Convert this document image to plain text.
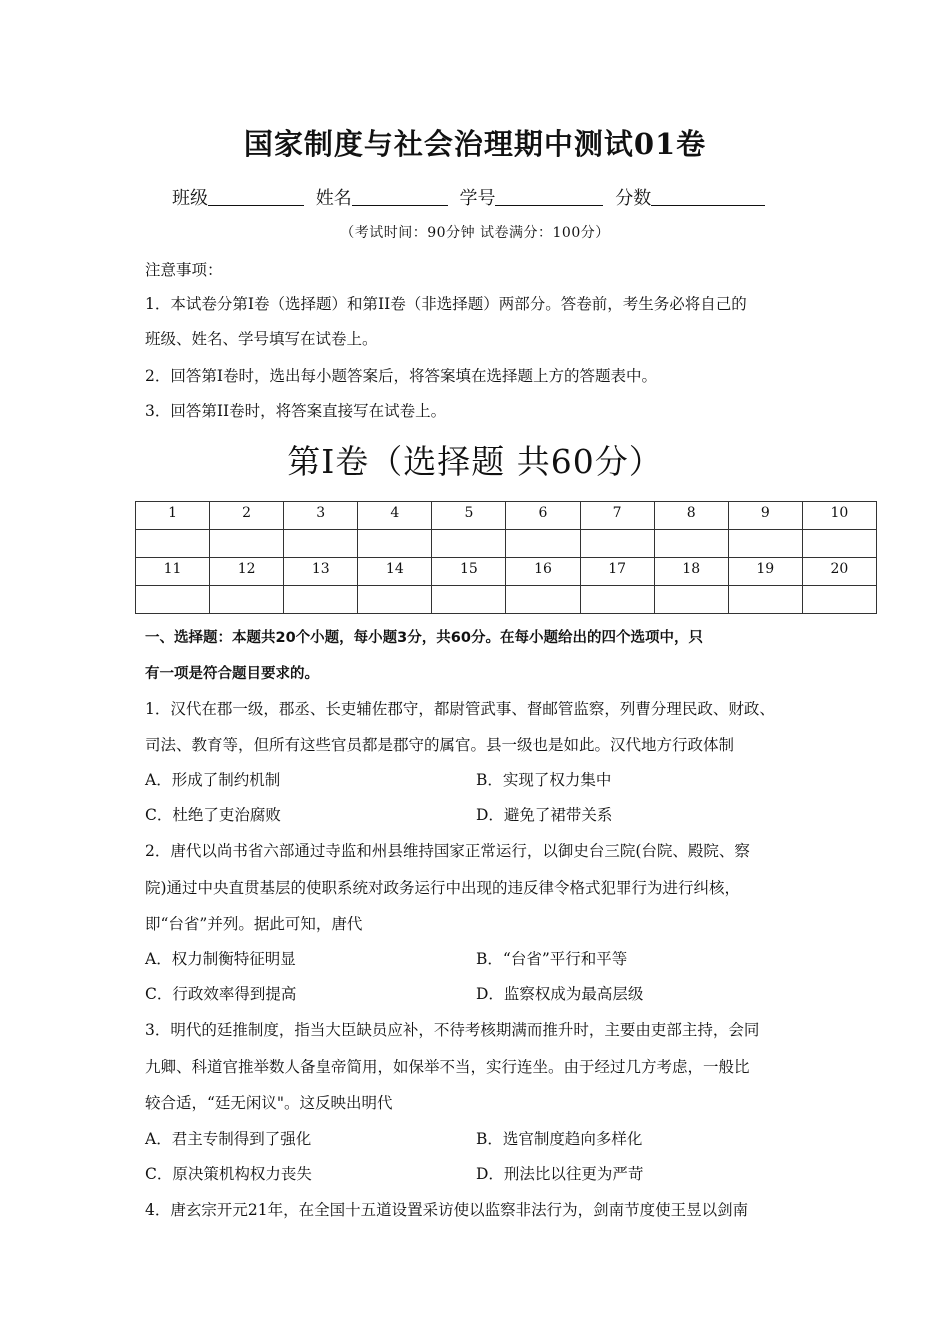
国家制度与社会治理期中测试01卷
班级	姓名	学号	分数
（考试时间：90分钟 试卷满分：100分）
注意事项：
1．本试卷分第I卷（选择题）和第II卷（非选择题）两部分。答卷前，考生务必将自己的
班级、姓名、学号填写在试卷上。
2．回答第I卷时，选出每小题答案后，将答案填在选择题上方的答题表中。
3．回答第II卷时，将答案直接写在试卷上。
第I卷（选择题 共60分）
1	2	3	4	5	6	7	8	9	10

11	12	13	14	15	16	17	18	19	20

一、选择题：本题共20个小题，每小题3分，共60分。在每小题给出的四个选项中，只
有一项是符合题目要求的。
1．汉代在郡一级，郡丞、长吏辅佐郡守，都尉管武事、督邮管监察，列曹分理民政、财政、
司法、教育等，但所有这些官员都是郡守的属官。县一级也是如此。汉代地方行政体制
A．形成了制约机制	B．实现了权力集中
C．杜绝了吏治腐败	D．避免了裙带关系
2．唐代以尚书省六部通过寺监和州县维持国家正常运行，以御史台三院(台院、殿院、察
院)通过中央直贯基层的使职系统对政务运行中出现的违反律令格式犯罪行为进行纠核，
即“台省”并列。据此可知，唐代
A．权力制衡特征明显	B．“台省”平行和平等
C．行政效率得到提高	D．监察权成为最高层级
3．明代的廷推制度，指当大臣缺员应补，不待考核期满而推升时，主要由吏部主持，会同
九卿、科道官推举数人备皇帝简用，如保举不当，实行连坐。由于经过几方考虑，一般比
较合适，“廷无闲议"。这反映出明代
A．君主专制得到了强化	B．选官制度趋向多样化
C．原决策机构权力丧失	D．刑法比以往更为严苛
4．唐玄宗开元21年，在全国十五道设置采访使以监察非法行为，剑南节度使王昱以剑南
